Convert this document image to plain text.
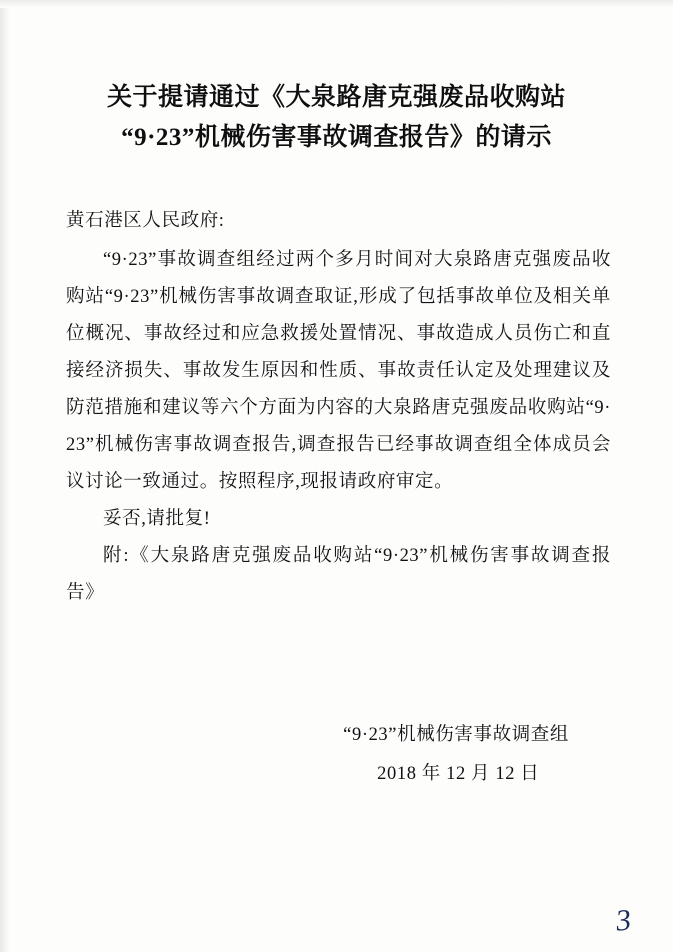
关于提请通过《大泉路唐克强废品收购站
“9·23”机械伤害事故调查报告》的请示

黄石港区人民政府:

“9·23”事故调查组经过两个多月时间对大泉路唐克强废品收购站“9·23”机械伤害事故调查取证,形成了包括事故单位及相关单位概况、事故经过和应急救援处置情况、事故造成人员伤亡和直接经济损失、事故发生原因和性质、事故责任认定及处理建议及防范措施和建议等六个方面为内容的大泉路唐克强废品收购站“9·23”机械伤害事故调查报告,调查报告已经事故调查组全体成员会议讨论一致通过。按照程序,现报请政府审定。

妥否,请批复!

附:《大泉路唐克强废品收购站“9·23”机械伤害事故调查报告》

“9·23”机械伤害事故调查组
2018 年 12 月 12 日
3
